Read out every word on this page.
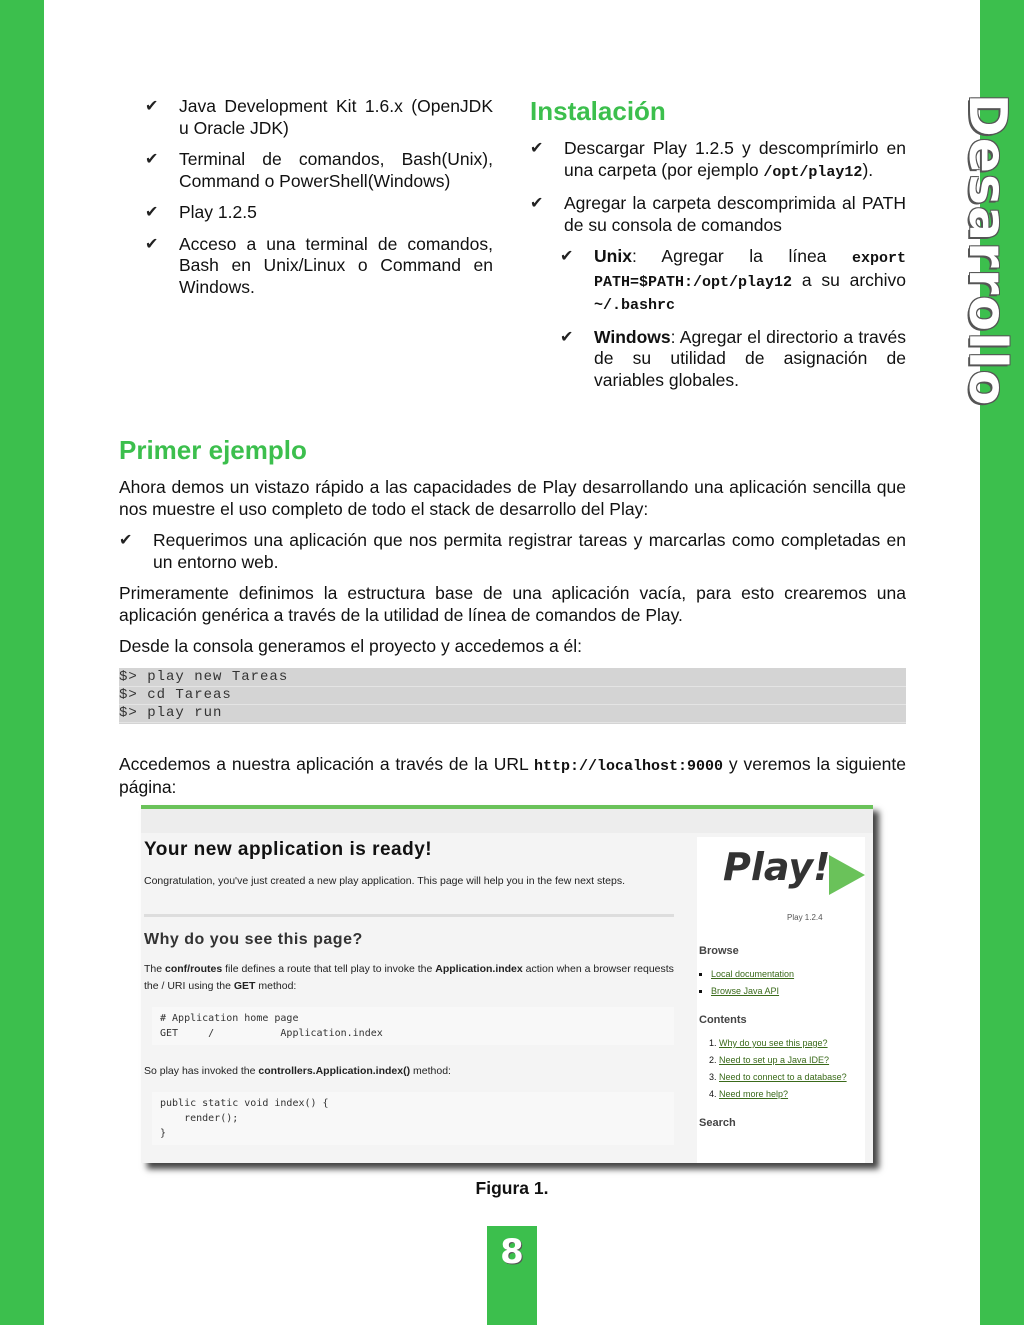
Desarrollo
✔	Java Development Kit 1.6.x (OpenJDK u Oracle JDK)
✔	Terminal de comandos, Bash(Unix), Command o PowerShell(Windows)
✔	Play 1.2.5
✔	Acceso a una terminal de comandos, Bash en Unix/Linux o Command en Windows.
Instalación
✔	Descargar Play 1.2.5 y descomprímirlo en una carpeta (por ejemplo /opt/play12).
✔	Agregar la carpeta descomprimida al PATH de su consola de comandos
✔	Unix: Agregar la línea export PATH=$PATH:/opt/play12 a su archivo ~/.bashrc
✔	Windows: Agregar el directorio a través de su utilidad de asignación de variables globales.
Primer ejemplo

Ahora demos un vistazo rápido a las capacidades de Play desarrollando una aplicación sencilla que nos muestre el uso completo de todo el stack de desarrollo del Play:

✔	Requerimos una aplicación que nos permita registrar tareas y marcarlas como completadas en un entorno web.

Primeramente definimos la estructura base de una aplicación vacía, para esto crearemos una aplicación genérica a través de la utilidad de línea de comandos de Play.

Desde la consola generamos el proyecto y accedemos a él:

$> play new Tareas
$> cd Tareas
$> play run

Accedemos a nuestra aplicación a través de la URL http://localhost:9000 y veremos la siguiente página:

Your new application is ready!
Congratulation, you've just created a new play application. This page will help you in the few next steps.
Why do you see this page?
The conf/routes file defines a route that tell play to invoke the Application.index action when a browser requests the / URI using the GET method:
# Application home page
GET     /           Application.index
So play has invoked the controllers.Application.index() method:
public static void index() {
render();
}
Play!
Play 1.2.4
Browse
▪ Local documentation
▪ Browse Java API
Contents
1. Why do you see this page?
2. Need to set up a Java IDE?
3. Need to connect to a database?
4. Need more help?
Search
Figura 1.
8
